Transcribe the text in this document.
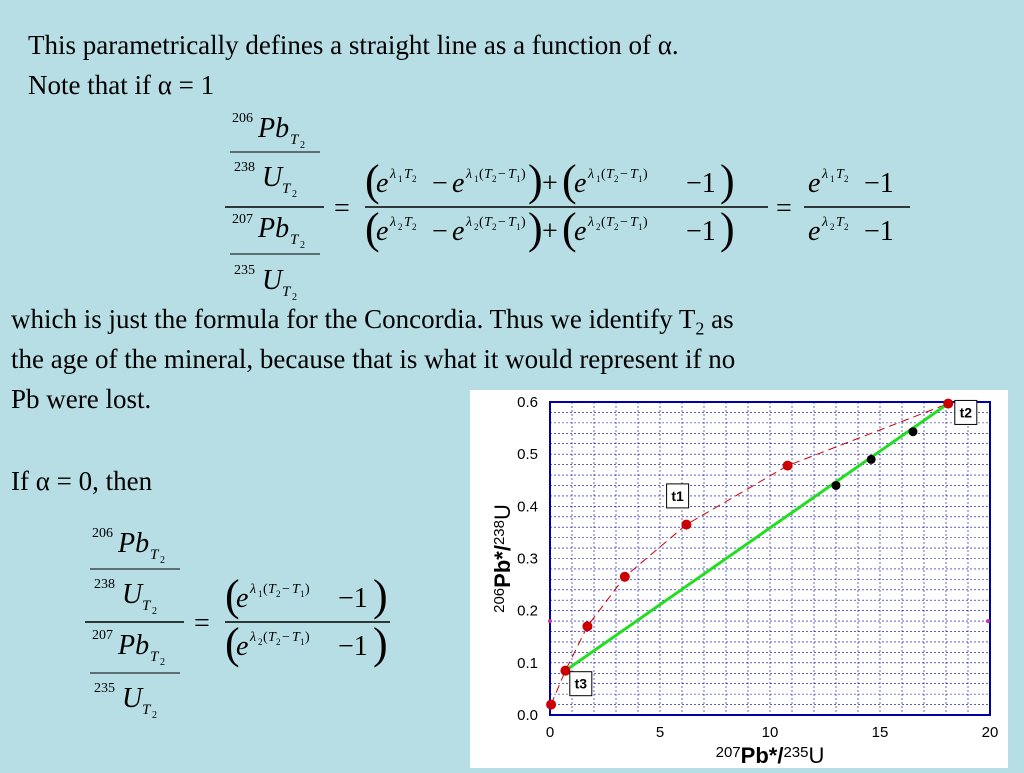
This parametrically defines a straight line as a function of α.
Note that if α = 1
206 Pb T 2
238 U T 2
207 Pb T 2
235 U T 2
=
(
e λ 1 T 2 − e λ 1 ( T 2 − T 1 ) ) + (
e λ 1 ( T 2 − T 1 ) −1 )
(
e λ 2 T 2 − e λ 2 ( T 2 − T 1 ) ) + (
e λ 2 ( T 2 − T 1 ) −1 ) =
e λ 1 T 2 −1
e λ 2 T 2 −1
which is just the formula for the Concordia. Thus we identify $T_2$ as
the age of the mineral, because that is what it would represent if no
Pb were lost.
If α = 0, then
206 Pb T 2
238 U T 2
207 Pb T 2
235 U T 2
=
(
e λ 1 ( T 2 − T 1 ) −1 )
(
e λ 2 ( T 2 − T 1 ) −1 )
0	5	10	15	20
0.0
0.1
0.2
0.3
0.4
0.5
0.6
$^{207}$Pb*/$^{235}$U
$^{206}$Pb*/$^{238}$U
t1
t2
t3
